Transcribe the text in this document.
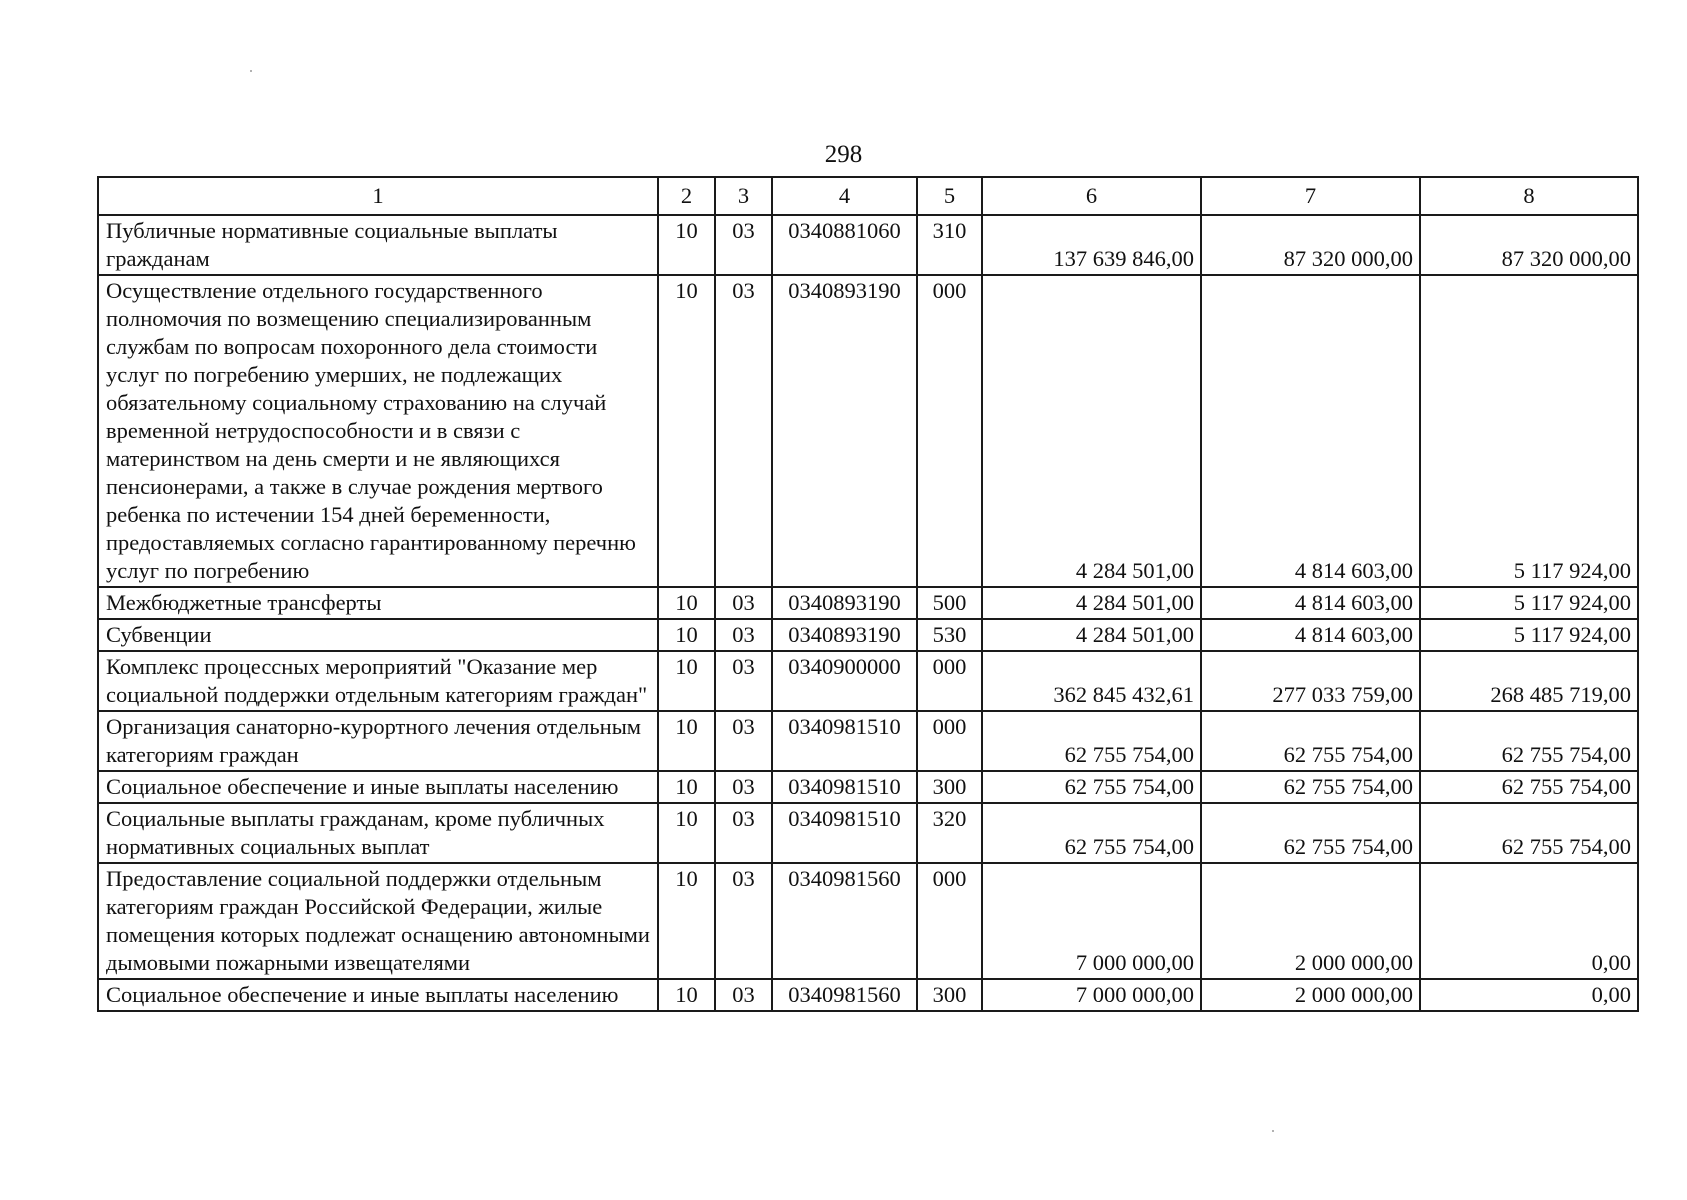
298
1	2	3	4	5	6	7	8
Публичные нормативные социальные выплаты гражданам	10	03	0340881060	310	137 639 846,00	87 320 000,00	87 320 000,00
Осуществление отдельного государственного полномочия по возмещению специализированным службам по вопросам похоронного дела стоимости услуг по погребению умерших, не подлежащих обязательному социальному страхованию на случай временной нетрудоспособности и в связи с материнством на день смерти и не являющихся пенсионерами, а также в случае рождения мертвого ребенка по истечении 154 дней беременности, предоставляемых согласно гарантированному перечню услуг по погребению	10	03	0340893190	000	4 284 501,00	4 814 603,00	5 117 924,00
Межбюджетные трансферты	10	03	0340893190	500	4 284 501,00	4 814 603,00	5 117 924,00
Субвенции	10	03	0340893190	530	4 284 501,00	4 814 603,00	5 117 924,00
Комплекс процессных мероприятий "Оказание мер социальной поддержки отдельным категориям граждан"	10	03	0340900000	000	362 845 432,61	277 033 759,00	268 485 719,00
Организация санаторно-курортного лечения отдельным категориям граждан	10	03	0340981510	000	62 755 754,00	62 755 754,00	62 755 754,00
Социальное обеспечение и иные выплаты населению	10	03	0340981510	300	62 755 754,00	62 755 754,00	62 755 754,00
Социальные выплаты гражданам, кроме публичных нормативных социальных выплат	10	03	0340981510	320	62 755 754,00	62 755 754,00	62 755 754,00
Предоставление социальной поддержки отдельным категориям граждан Российской Федерации, жилые помещения которых подлежат оснащению автономными дымовыми пожарными извещателями	10	03	0340981560	000	7 000 000,00	2 000 000,00	0,00
Социальное обеспечение и иные выплаты населению	10	03	0340981560	300	7 000 000,00	2 000 000,00	0,00
